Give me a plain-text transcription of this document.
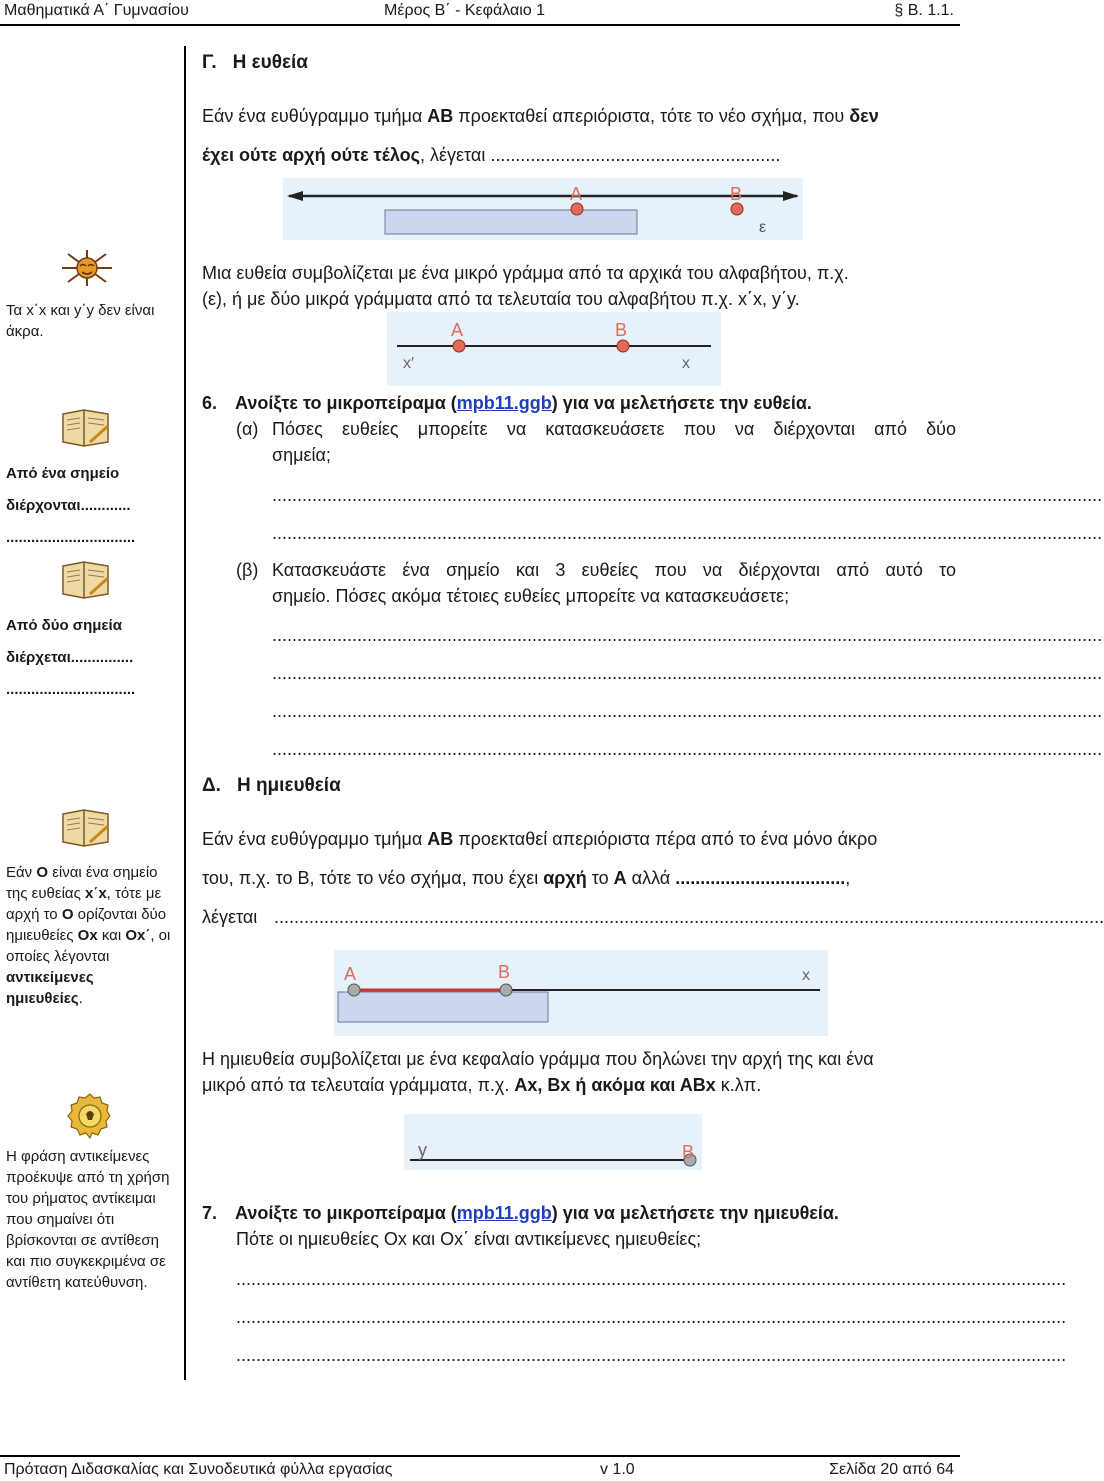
Μαθηματικά Α΄ Γυμνασίου	Μέρος Β΄ - Κεφάλαιο 1	§ Β. 1.1.
Τα x΄x και y΄y δεν είναι άκρα.
Από ένα σημείο
διέρχονται............
...............................
Από δύο σημεία
διέρχεται...............
...............................
Εάν Ο είναι ένα σημείο της ευθείας x΄x, τότε με αρχή το Ο ορίζονται δύο ημιευθείες Οx και Οx΄, οι οποίες λέγονται αντικείμενες ημιευθείες.
Η φράση αντικείμενες προέκυψε από τη χρήση του ρήματος αντίκειμαι που σημαίνει ότι βρίσκονται σε αντίθεση και πιο συγκεκριμένα σε αντίθετη κατεύθυνση.
Γ. Η ευθεία
Εάν ένα ευθύγραμμο τμήμα ΑΒ προεκταθεί απεριόριστα, τότε το νέο σχήμα, που δεν
έχει ούτε αρχή ούτε τέλος, λέγεται ..........................................................
A	B
ε
Μια ευθεία συμβολίζεται με ένα μικρό γράμμα από τα αρχικά του αλφαβήτου, π.χ.
(ε), ή με δύο μικρά γράμματα από τα τελευταία του αλφαβήτου π.χ. x΄x, y΄y.
A	B
x′	x
6. Ανοίξτε το μικροπείραμα (mpb11.ggb) για να μελετήσετε την ευθεία.
(α) Πόσες ευθείες μπορείτε να κατασκευάσετε που να διέρχονται από δύο
σημεία;
......................................................................................................................................................................
......................................................................................................................................................................
(β) Κατασκευάστε ένα σημείο και 3 ευθείες που να διέρχονται από αυτό το
σημείο. Πόσες ακόμα τέτοιες ευθείες μπορείτε να κατασκευάσετε;
......................................................................................................................................................................
......................................................................................................................................................................
......................................................................................................................................................................
......................................................................................................................................................................
Δ. Η ημιευθεία
Εάν ένα ευθύγραμμο τμήμα ΑΒ προεκταθεί απεριόριστα πέρα από το ένα μόνο άκρο
του, π.χ. το Β, τότε το νέο σχήμα, που έχει αρχή το Α αλλά ..................................,
λέγεται ......................................................................................................................................................................
A	B	x
Η ημιευθεία συμβολίζεται με ένα κεφαλαίο γράμμα που δηλώνει την αρχή της και ένα
μικρό από τα τελευταία γράμματα, π.χ. Αx, Βx ή ακόμα και ΑΒx κ.λπ.
y	B
7. Ανοίξτε το μικροπείραμα (mpb11.ggb) για να μελετήσετε την ημιευθεία.
Πότε οι ημιευθείες Οx και Οx΄ είναι αντικείμενες ημιευθείες;
......................................................................................................................................................................
......................................................................................................................................................................
......................................................................................................................................................................
Πρόταση Διδασκαλίας και Συνοδευτικά φύλλα εργασίας	v 1.0	Σελίδα 20 από 64
